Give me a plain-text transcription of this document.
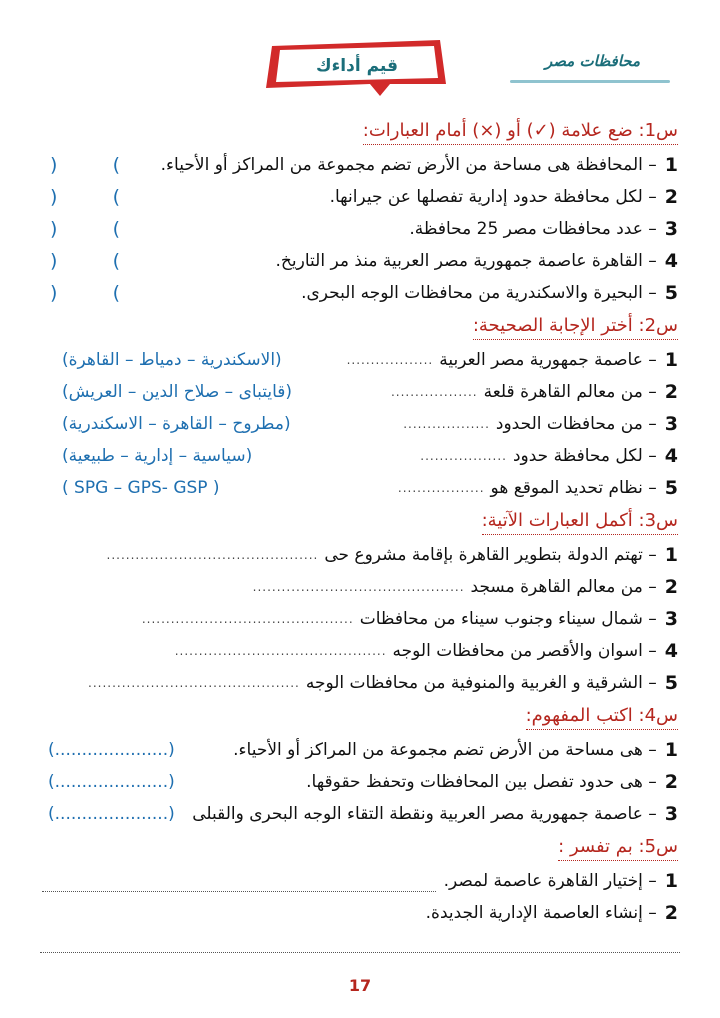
محافظات مصر
قيم أداءك
س1: ضع علامة (✓) أو (×) أمام العبارات:
1
– المحافظة هى مساحة من الأرض تضم مجموعة من المراكز أو الأحياء.
)
(
2
– لكل محافظة حدود إدارية تفصلها عن جيرانها.
)
(
3
– عدد محافظات مصر 25 محافظة.
)
(
4
– القاهرة عاصمة جمهورية مصر العربية منذ مر التاريخ.
)
(
5
– البحيرة والاسكندرية من محافظات الوجه البحرى.
)
(
س2: أختر الإجابة الصحيحة:
1
– عاصمة جمهورية مصر العربية
..................
(الاسكندرية – دمياط – القاهرة)
2
– من معالم القاهرة قلعة
..................
(قايتباى – صلاح الدين – العريش)
3
– من محافظات الحدود
..................
(مطروح – القاهرة – الاسكندرية)
4
– لكل محافظة حدود
..................
(سياسية – إدارية – طبيعية)
5
– نظام تحديد الموقع هو
..................
( SPG – GPS- GSP )
س3: أكمل العبارات الآتية:
1
– تهتم الدولة بتطوير القاهرة بإقامة مشروع حى
............................................
2
– من معالم القاهرة مسجد
............................................
3
– شمال سيناء وجنوب سيناء من محافظات
............................................
4
– اسوان والأقصر من محافظات الوجه
............................................
5
– الشرقية و الغربية والمنوفية من محافظات الوجه
............................................
س4: اكتب المفهوم:
1
– هى مساحة من الأرض تضم مجموعة من المراكز أو الأحياء.
(.....................)
2
– هى حدود تفصل بين المحافظات وتحفظ حقوقها.
(.....................)
3
– عاصمة جمهورية مصر العربية ونقطة التقاء الوجه البحرى والقبلى
(.....................)
س5: بم تفسر :
1
– إختيار القاهرة عاصمة لمصر.
2
– إنشاء العاصمة الإدارية الجديدة.
17
